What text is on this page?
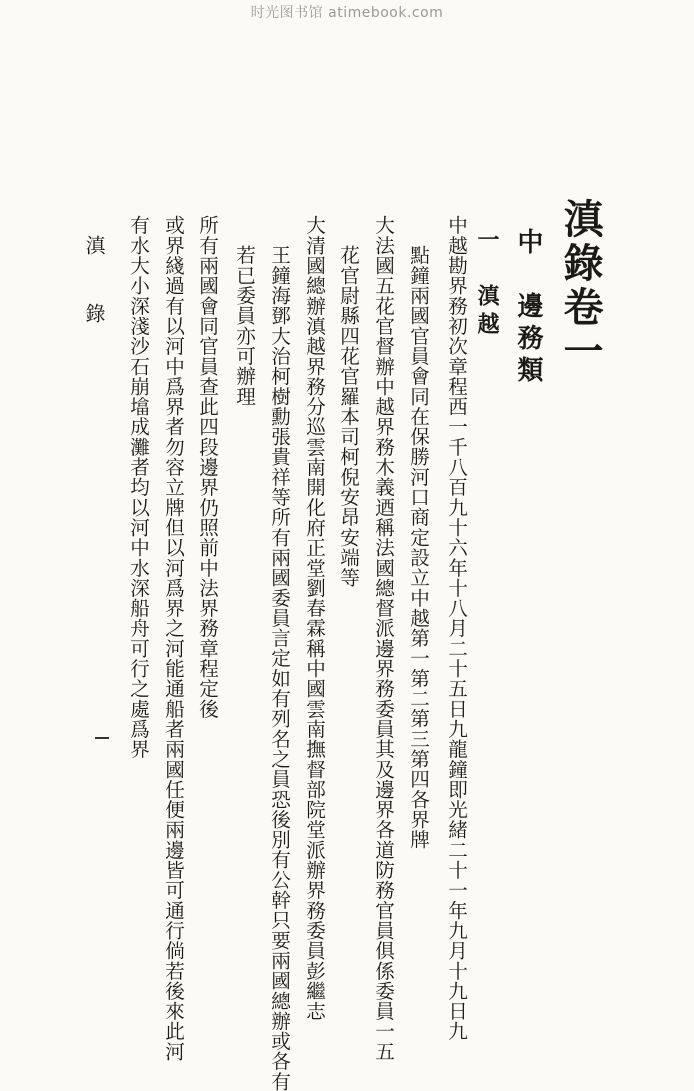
时光图书馆 atimebook.com
滇錄卷一
中　邊務類
一　滇越
中越勘界務初次章程西一千八百九十六年十八月二十五日九龍鐘即光緒二十一年九月十九日九
點鐘兩國官員會同在保勝河口商定設立中越第一第二第三第四各界牌
大法國五花官督辦中越界務木義迺稱法國總督派邊界務委員其及邊界各道防務官員俱係委員一五
花官尉縣四花官羅本司柯倪安昂安端等
大清國總辦滇越界務分巡雲南開化府正堂劉春霖稱中國雲南撫督部院堂派辦界務委員彭繼志
王鐘海鄧大治柯樹勳張貴祥等所有兩國委員言定如有列名之員恐後別有公幹只要兩國總辦或各有
若已委員亦可辦理
所有兩國會同官員查此四段邊界仍照前中法界務章程定後
或界綫過有以河中爲界者勿容立牌但以河爲界之河能通船者兩國任便兩邊皆可通行倘若後來此河
有水大小深淺沙石崩墖成灘者均以河中水深船舟可行之處爲界
滇錄
